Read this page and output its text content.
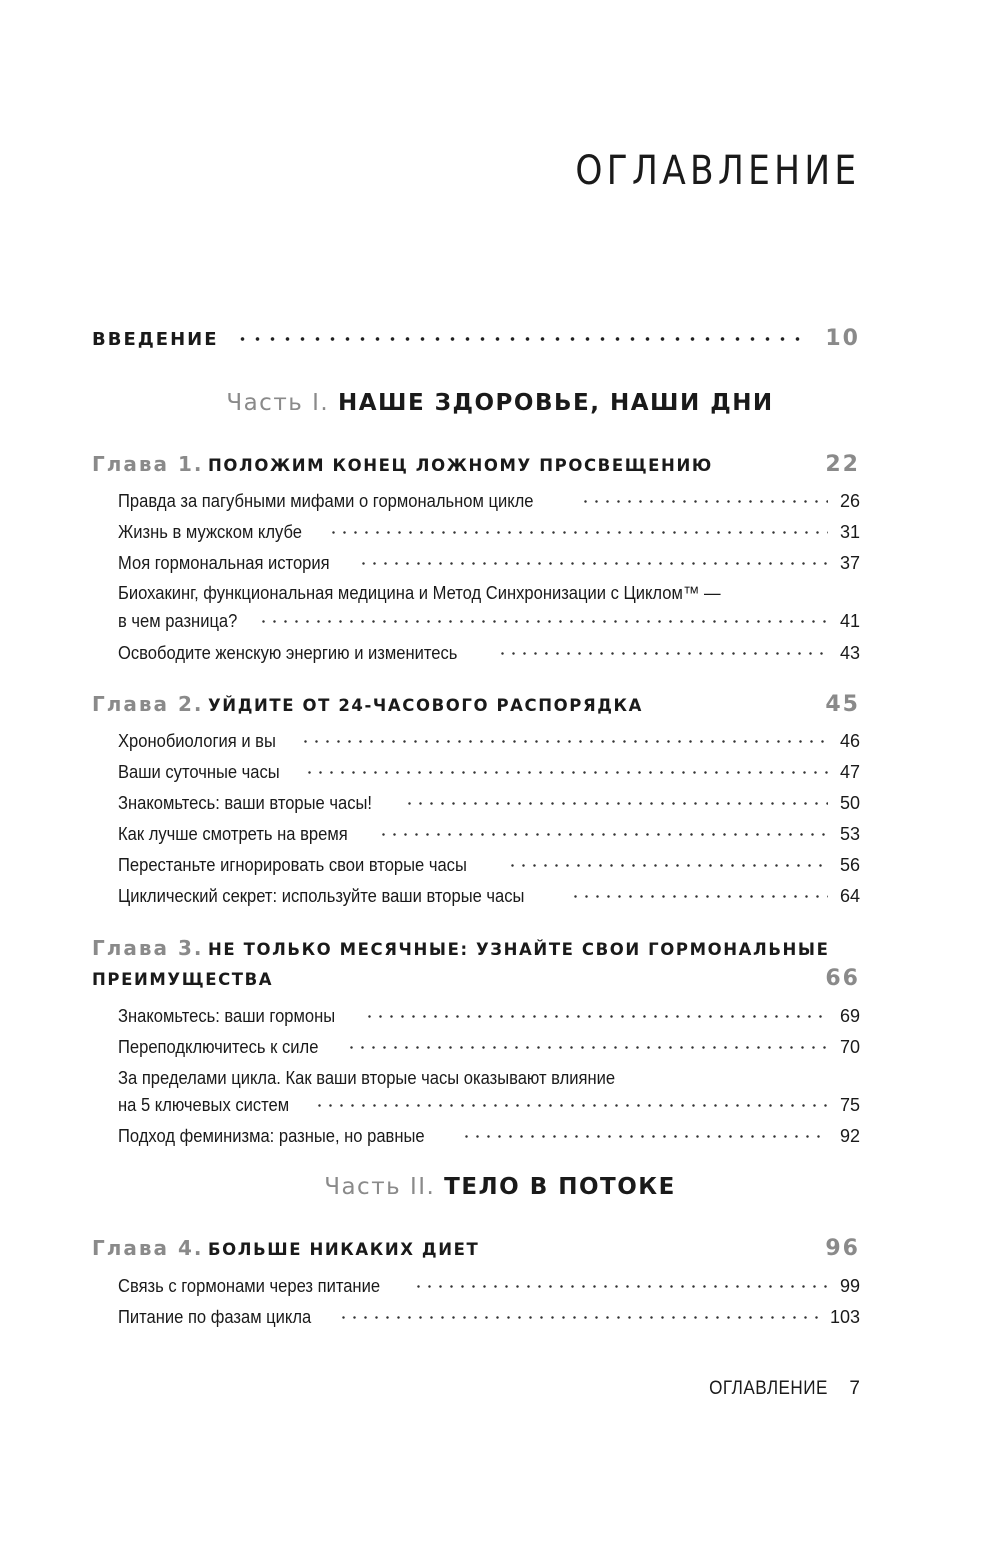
ОГЛАВЛЕНИЕ
ВВЕДЕНИЕ	10
Часть I. НАШЕ ЗДОРОВЬЕ, НАШИ ДНИ
Глава 1. ПОЛОЖИМ КОНЕЦ ЛОЖНОМУ ПРОСВЕЩЕНИЮ	22
Правда за пагубными мифами о гормональном цикле	26
Жизнь в мужском клубе	31
Моя гормональная история	37
Биохакинг, функциональная медицина и Метод Синхронизации с Циклом™ —
в чем разница?	41
Освободите женскую энергию и изменитесь	43
Глава 2. УЙДИТЕ ОТ 24-ЧАСОВОГО РАСПОРЯДКА	45
Хронобиология и вы	46
Ваши суточные часы	47
Знакомьтесь: ваши вторые часы!	50
Как лучше смотреть на время	53
Перестаньте игнорировать свои вторые часы	56
Циклический секрет: используйте ваши вторые часы	64
Глава 3. НЕ ТОЛЬКО МЕСЯЧНЫЕ: УЗНАЙТЕ СВОИ ГОРМОНАЛЬНЫЕ
ПРЕИМУЩЕСТВА	66
Знакомьтесь: ваши гормоны	69
Переподключитесь к силе	70
За пределами цикла. Как ваши вторые часы оказывают влияние
на 5 ключевых систем	75
Подход феминизма: разные, но равные	92
Часть II. ТЕЛО В ПОТОКЕ
Глава 4. БОЛЬШЕ НИКАКИХ ДИЕТ	96
Связь с гормонами через питание	99
Питание по фазам цикла	103
ОГЛАВЛЕНИЕ 7
